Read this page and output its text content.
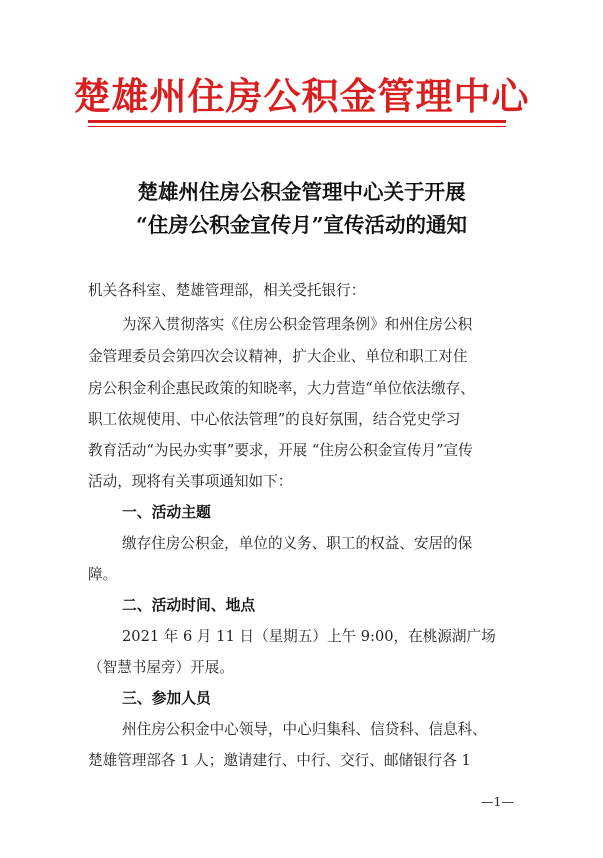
楚雄州住房公积金管理中心
楚雄州住房公积金管理中心关于开展
“住房公积金宣传月”宣传活动的通知
机关各科室、楚雄管理部，相关受托银行：
为深入贯彻落实《住房公积金管理条例》和州住房公积
金管理委员会第四次会议精神，扩大企业、单位和职工对住
房公积金利企惠民政策的知晓率，大力营造“单位依法缴存、
职工依规使用、中心依法管理”的良好氛围，结合党史学习
教育活动“为民办实事”要求，开展 “住房公积金宣传月”宣传
活动，现将有关事项通知如下：
一、活动主题
缴存住房公积金，单位的义务、职工的权益、安居的保
障。
二、活动时间、地点
2021 年 6 月 11 日（星期五）上午 9:00，在桃源湖广场
（智慧书屋旁）开展。
三、参加人员
州住房公积金中心领导，中心归集科、信贷科、信息科、
楚雄管理部各 1 人；邀请建行、中行、交行、邮储银行各 1
—1—
